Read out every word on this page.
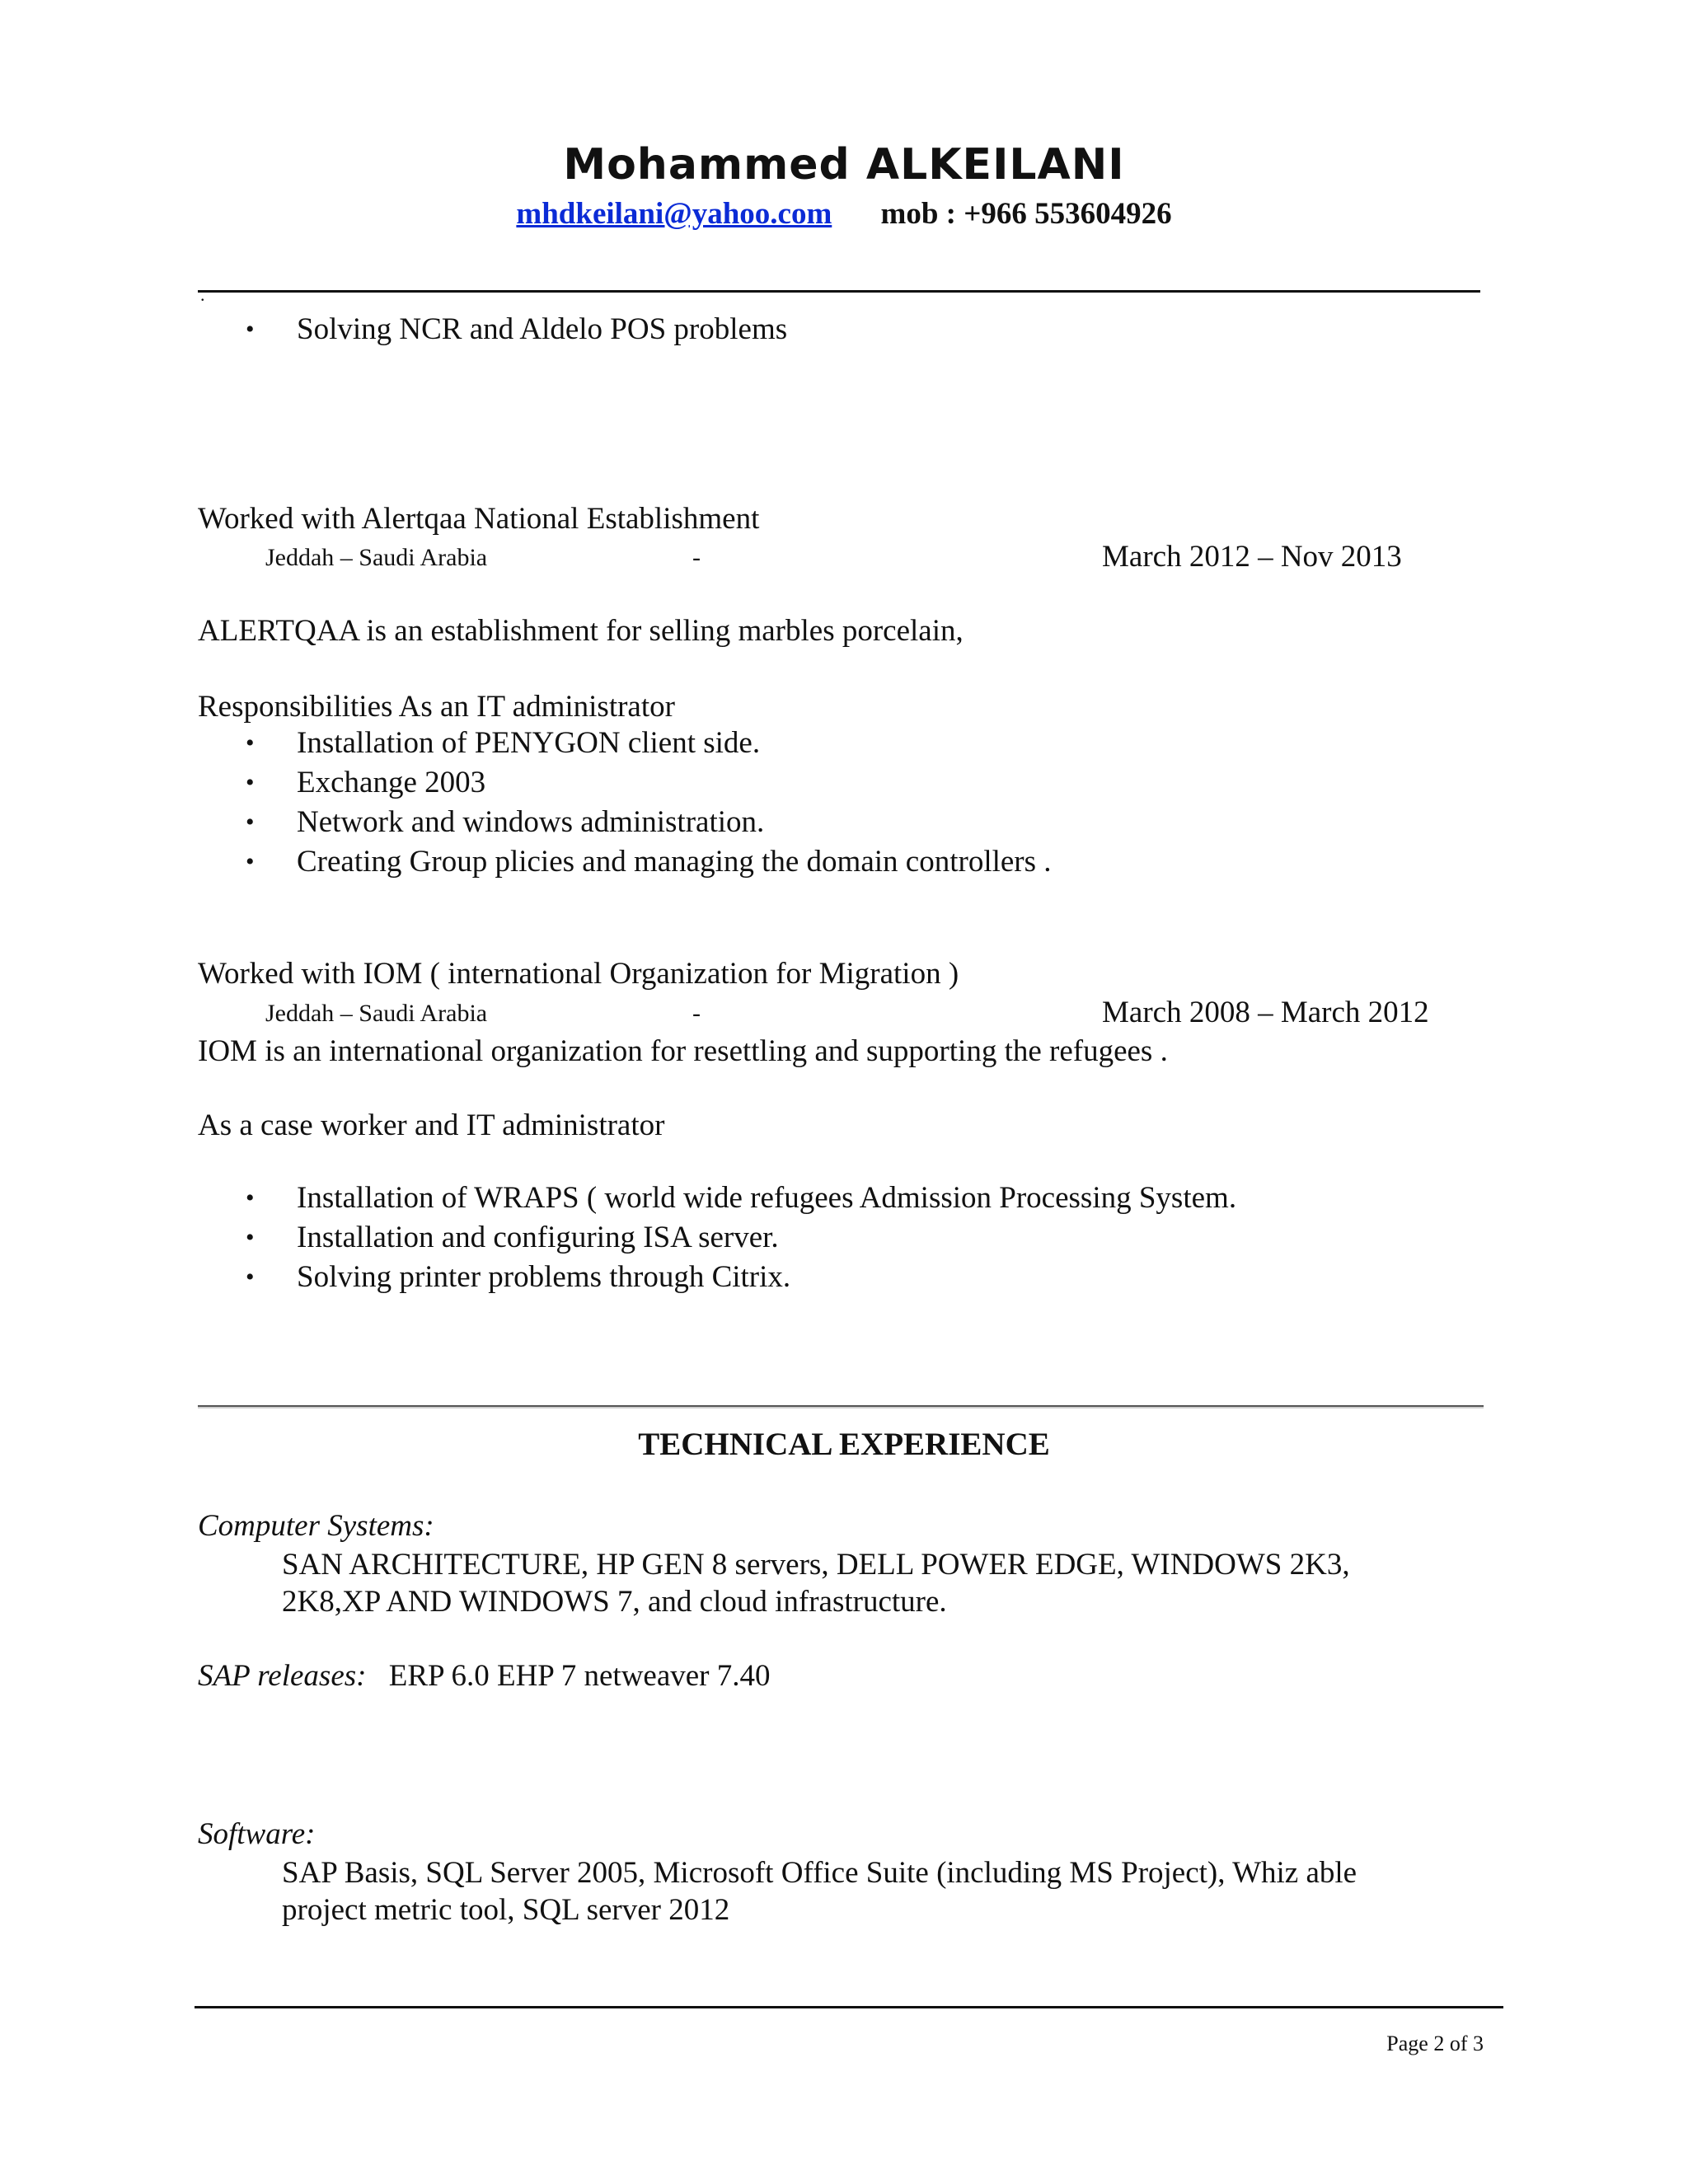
Mohammed ALKEILANI
mhdkeilani@yahoo.com mob : +966 553604926
.
• Solving NCR and Aldelo POS problems
Worked with Alertqaa National Establishment
Jeddah – Saudi Arabia	-	March 2012 – Nov 2013
ALERTQAA is an establishment for selling marbles porcelain,
Responsibilities As an IT administrator
• Installation of PENYGON client side.
• Exchange 2003
• Network and windows administration.
• Creating Group plicies and managing the domain controllers .
Worked with IOM ( international Organization for Migration )
Jeddah – Saudi Arabia	-	March 2008 – March 2012
IOM is an international organization for resettling and supporting the refugees .
As a case worker and IT administrator
• Installation of WRAPS ( world wide refugees Admission Processing System.
• Installation and configuring ISA server.
• Solving printer problems through Citrix.
TECHNICAL EXPERIENCE
Computer Systems:
SAN ARCHITECTURE, HP GEN 8 servers, DELL POWER EDGE, WINDOWS 2K3,
2K8,XP AND WINDOWS 7, and cloud infrastructure.
SAP releases: ERP 6.0 EHP 7 netweaver 7.40
Software:
SAP Basis, SQL Server 2005, Microsoft Office Suite (including MS Project), Whiz able
project metric tool, SQL server 2012
Page 2 of 3
